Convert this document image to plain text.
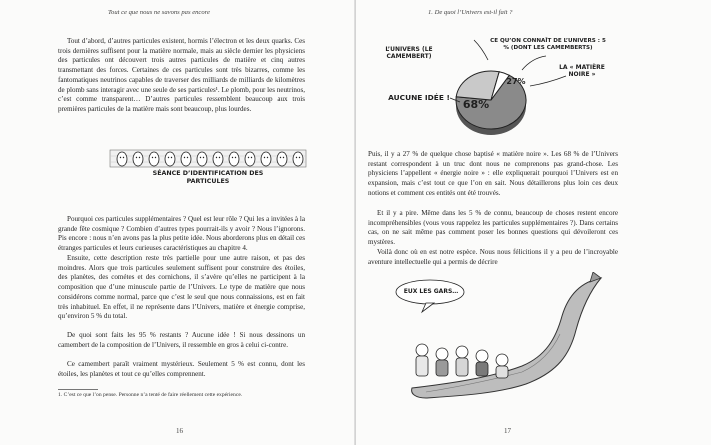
Tout ce que nous ne savons pas encore

Tout d’abord, d’autres particules existent, hormis l’électron et les deux quarks. Ces trois dernières suffisent pour la matière normale, mais au siècle dernier les physiciens des particules ont découvert trois autres particules de matière et cinq autres transmettant des forces. Certaines de ces particules sont très bizarres, comme les fantomatiques neutrinos capables de traverser des milliards de milliards de kilomètres de plomb sans interagir avec une seule de ses particules¹. Le plomb, pour les neutrinos, c’est comme transparent… D’autres particules ressemblent beaucoup aux trois premières particules de la matière mais sont beaucoup, plus lourdes.

SÉANCE D’IDENTIFICATION DES PARTICULES

Pourquoi ces particules supplémentaires ? Quel est leur rôle ? Qui les a invitées à la grande fête cosmique ? Combien d’autres types pourrait-ils y avoir ? Nous l’ignorons. Pis encore : nous n’en avons pas la plus petite idée. Nous aborderons plus en détail ces étranges particules et leurs curieuses caractéristiques au chapitre 4.

Ensuite, cette description reste très partielle pour une autre raison, et pas des moindres. Alors que trois particules seulement suffisent pour construire des étoiles, des planètes, des cométes et des cornichons, il s’avère qu’elles ne participent à la composition que d’une minuscule partie de l’Univers. Le type de matière que nous considérons comme normal, parce que c’est le seul que nous connaissions, est en fait très inhabituel. En effet, il ne représente dans l’Univers, matière et énergie comprise, qu’environ 5 % du total.

De quoi sont faits les 95 % restants ? Aucune idée ! Si nous dessinons un camembert de la composition de l’Univers, il ressemble en gros à celui ci-contre.

Ce camembert paraît vraiment mystérieux. Seulement 5 % est connu, dont les étoiles, les planètes et tout ce qu’elles comprennent.

1. C’est ce que l’on pense. Personne n’a tenté de faire réellement cette expérience.

16
1. De quoi l’Univers est-il fait ?
L’UNIVERS (LE CAMEMBERT)
CE QU’ON CONNAÎT DE L’UNIVERS : 5 % (DONT LES CAMEMBERTS)
LA « MATIÈRE NOIRE »
AUCUNE IDÉE !
68%
27%

Puis, il y a 27 % de quelque chose baptisé « matière noire ». Les 68 % de l’Univers restant correspondent à un truc dont nous ne comprenons pas grand-chose. Les physiciens l’appellent « énergie noire » : elle expliquerait pourquoi l’Univers est en expansion, mais c’est tout ce que l’on en sait. Nous détaillerons plus loin ces deux notions et comment ces entités ont été trouvés.

Et il y a pire. Même dans les 5 % de connu, beaucoup de choses restent encore incompréhensibles (vous vous rappelez les particules supplémentaires ?). Dans certains cas, on ne sait même pas comment poser les bonnes questions qui dévoileront ces mystères.

Voilà donc où en est notre espèce. Nous nous félicitions il y a peu de l’incroyable aventure intellectuelle qui a permis de décrire

EUX LES GARS…
17
